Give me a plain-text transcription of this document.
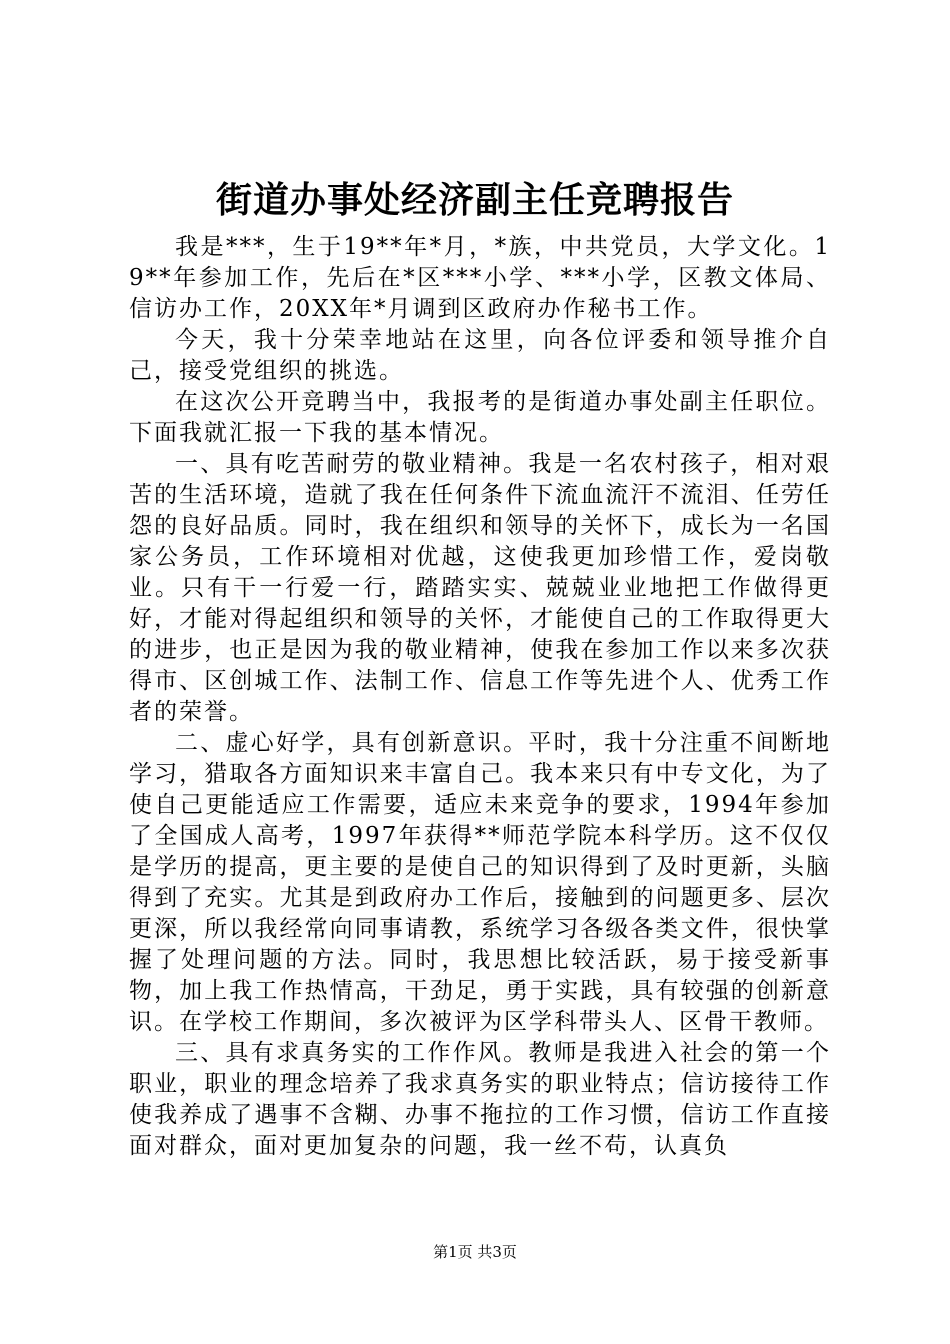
街道办事处经济副主任竞聘报告

我是***，生于19**年*月，*族，中共党员，大学文化。19**年参加工作，先后在*区***小学、***小学，区教文体局、信访办工作，20XX年*月调到区政府办作秘书工作。

今天，我十分荣幸地站在这里，向各位评委和领导推介自己，接受党组织的挑选。

在这次公开竞聘当中，我报考的是街道办事处副主任职位。下面我就汇报一下我的基本情况。

一、具有吃苦耐劳的敬业精神。我是一名农村孩子，相对艰苦的生活环境，造就了我在任何条件下流血流汗不流泪、任劳任怨的良好品质。同时，我在组织和领导的关怀下，成长为一名国家公务员，工作环境相对优越，这使我更加珍惜工作，爱岗敬业。只有干一行爱一行，踏踏实实、兢兢业业地把工作做得更好，才能对得起组织和领导的关怀，才能使自己的工作取得更大的进步，也正是因为我的敬业精神，使我在参加工作以来多次获得市、区创城工作、法制工作、信息工作等先进个人、优秀工作者的荣誉。

二、虚心好学，具有创新意识。平时，我十分注重不间断地学习，猎取各方面知识来丰富自己。我本来只有中专文化，为了使自己更能适应工作需要，适应未来竞争的要求，1994年参加了全国成人高考，1997年获得**师范学院本科学历。这不仅仅是学历的提高，更主要的是使自己的知识得到了及时更新，头脑得到了充实。尤其是到政府办工作后，接触到的问题更多、层次更深，所以我经常向同事请教，系统学习各级各类文件，很快掌握了处理问题的方法。同时，我思想比较活跃，易于接受新事物，加上我工作热情高，干劲足，勇于实践，具有较强的创新意识。在学校工作期间，多次被评为区学科带头人、区骨干教师。

三、具有求真务实的工作作风。教师是我进入社会的第一个职业，职业的理念培养了我求真务实的职业特点；信访接待工作使我养成了遇事不含糊、办事不拖拉的工作习惯，信访工作直接面对群众，面对更加复杂的问题，我一丝不苟，认真负

第1页 共3页
